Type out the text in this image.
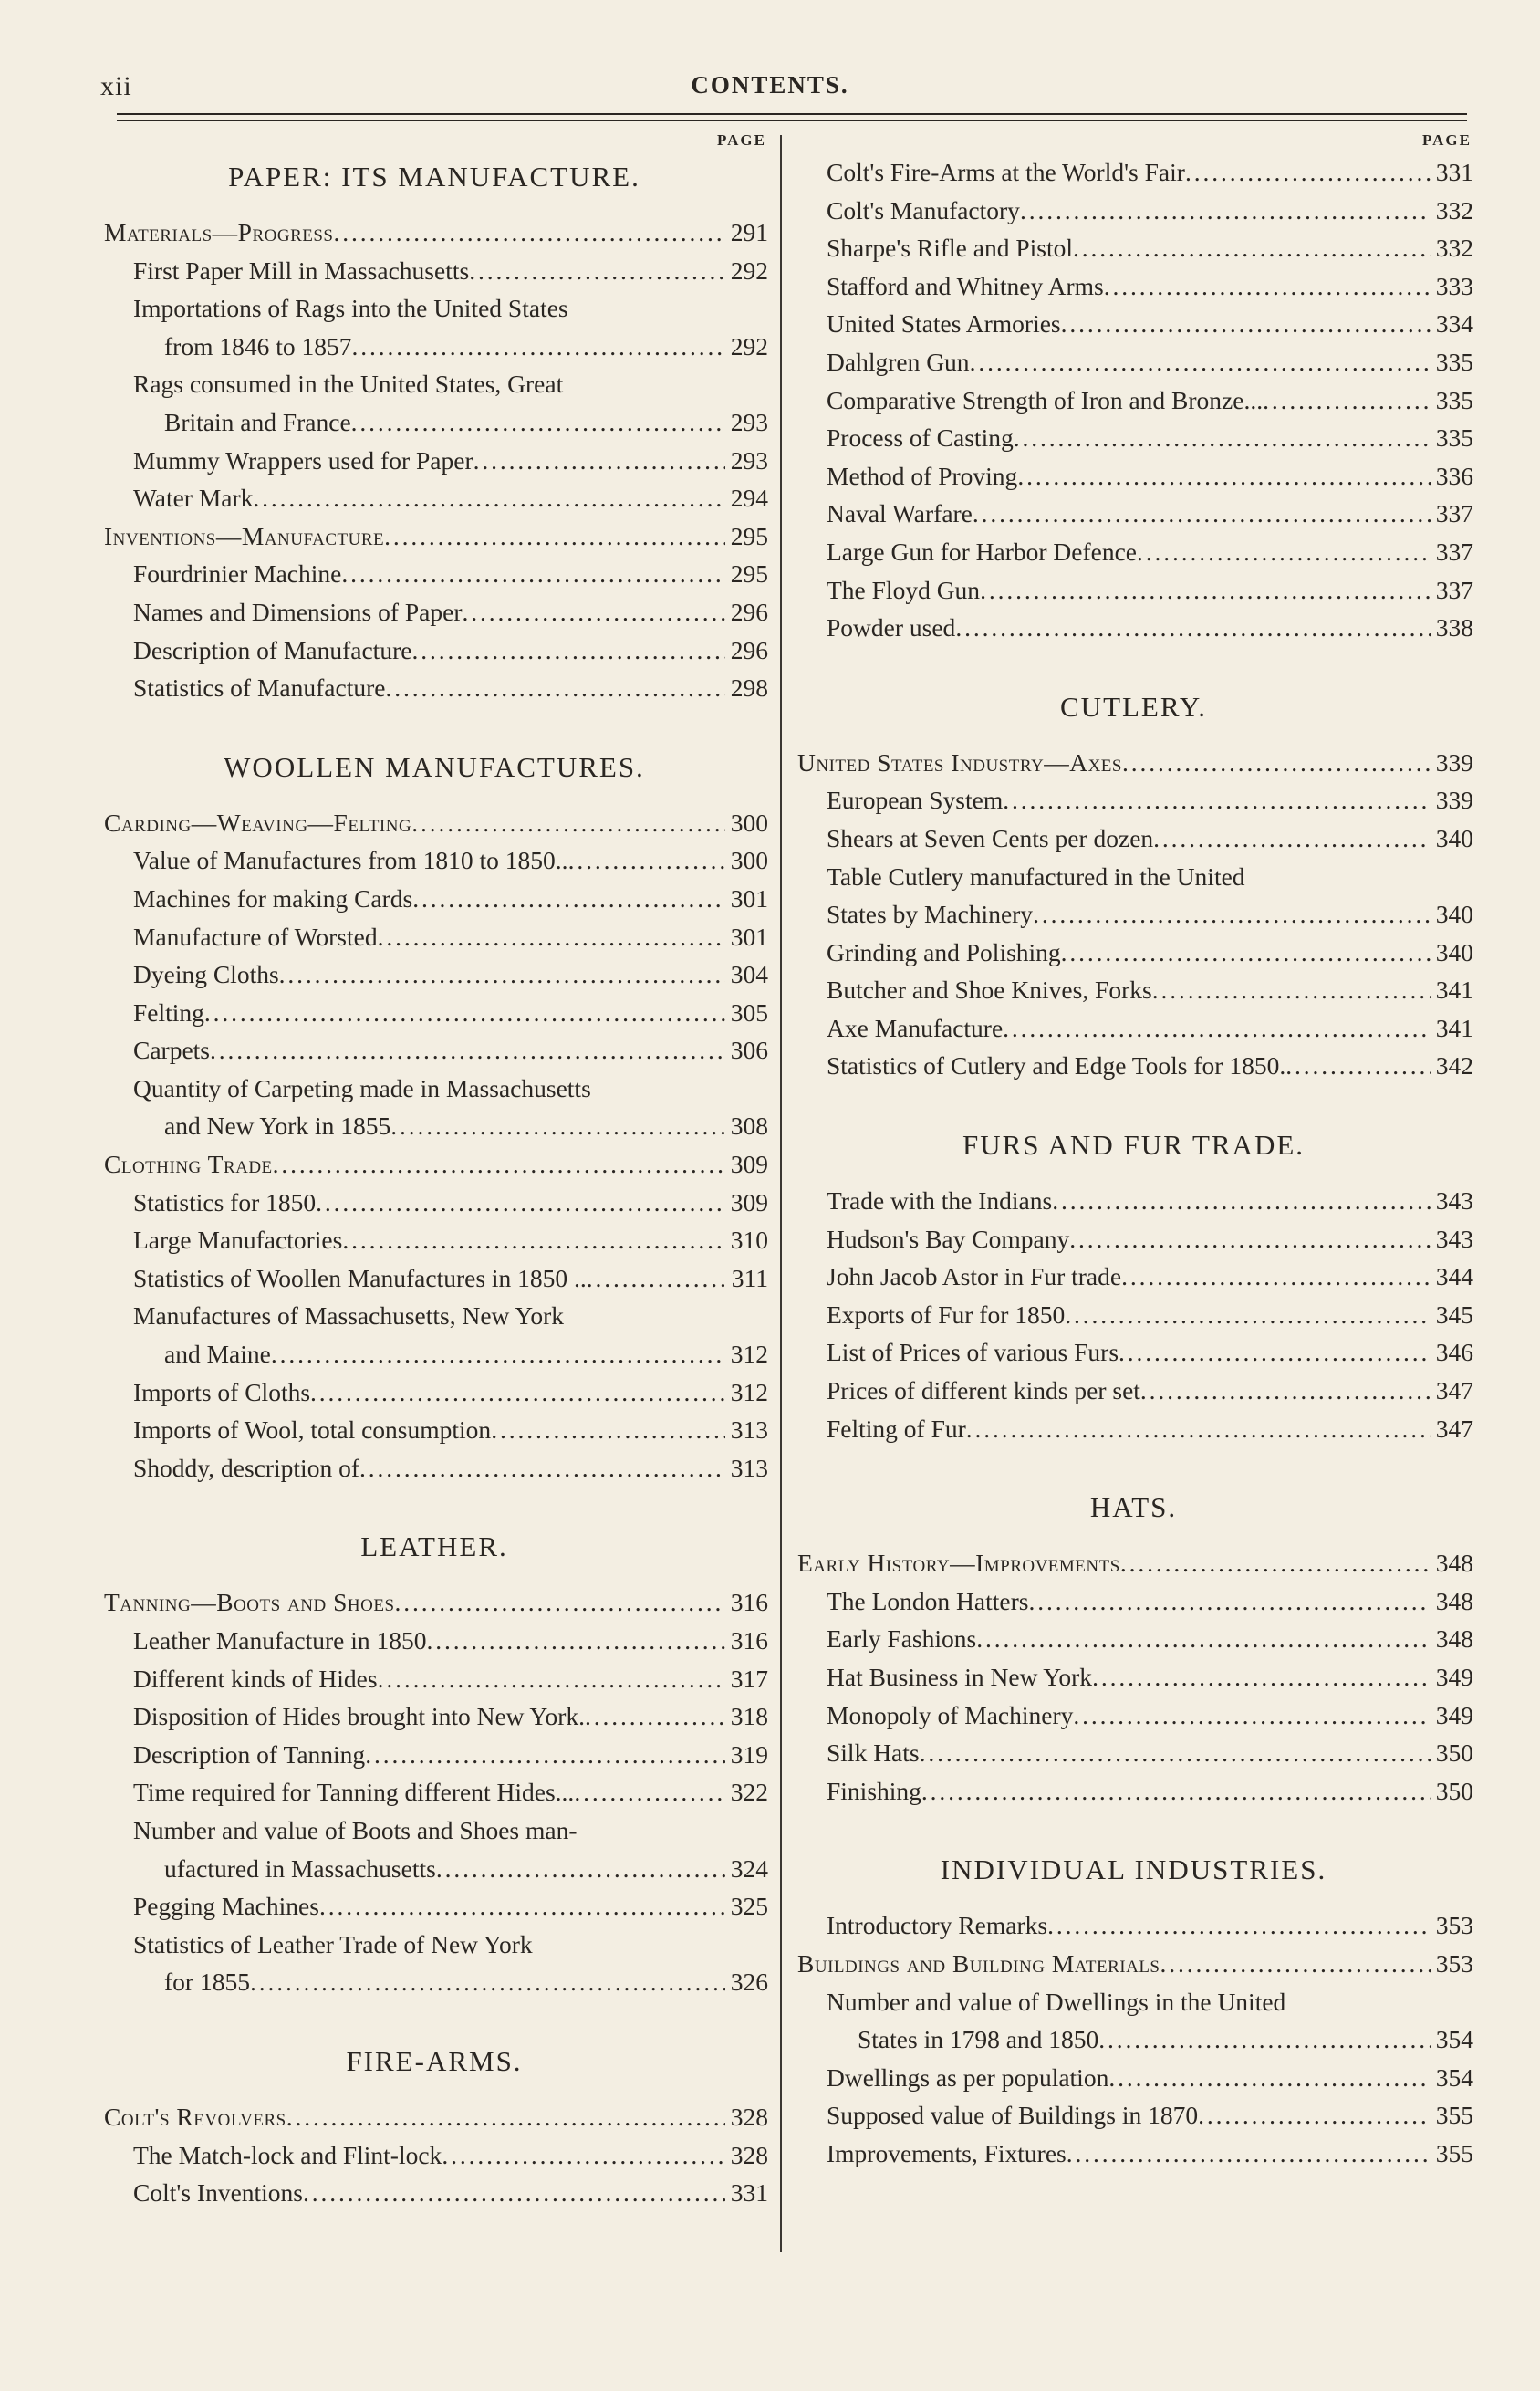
xii	CONTENTS.
PAGE
PAPER: ITS MANUFACTURE.
Materials—Progress . . .	291
First Paper Mill in Massachusetts . . .	292
Importations of Rags into the United States
from 1846 to 1857 . . .	292
Rags consumed in the United States, Great
Britain and France . . .	293
Mummy Wrappers used for Paper . . .	293
Water Mark . . .	294
Inventions—Manufacture . . .	295
Fourdrinier Machine . . .	295
Names and Dimensions of Paper . . .	296
Description of Manufacture . . .	296
Statistics of Manufacture . . .	298
WOOLLEN MANUFACTURES.
Carding—Weaving—Felting . . .	300
Value of Manufactures from 1810 to 1850.. . . .	300
Machines for making Cards . . .	301
Manufacture of Worsted . . .	301
Dyeing Cloths . . .	304
Felting . . .	305
Carpets . . .	306
Quantity of Carpeting made in Massachusetts
and New York in 1855 . . .	308
Clothing Trade . . .	309
Statistics for 1850 . . .	309
Large Manufactories . . .	310
Statistics of Woollen Manufactures in 1850 .. . . .	311
Manufactures of Massachusetts, New York
and Maine . . .	312
Imports of Cloths . . .	312
Imports of Wool, total consumption . . .	313
Shoddy, description of . . .	313
LEATHER.
Tanning—Boots and Shoes . . .	316
Leather Manufacture in 1850 . . .	316
Different kinds of Hides . . .	317
Disposition of Hides brought into New York. . . .	318
Description of Tanning . . .	319
Time required for Tanning different Hides... . . .	322
Number and value of Boots and Shoes man-
ufactured in Massachusetts . . .	324
Pegging Machines . . .	325
Statistics of Leather Trade of New York
for 1855 . . .	326
FIRE-ARMS.
Colt's Revolvers . . .	328
The Match-lock and Flint-lock . . .	328
Colt's Inventions . . .	331
PAGE
Colt's Fire-Arms at the World's Fair . . .	331
Colt's Manufactory . . .	332
Sharpe's Rifle and Pistol . . .	332
Stafford and Whitney Arms . . .	333
United States Armories . . .	334
Dahlgren Gun . . .	335
Comparative Strength of Iron and Bronze... . . .	335
Process of Casting . . .	335
Method of Proving . . .	336
Naval Warfare . . .	337
Large Gun for Harbor Defence . . .	337
The Floyd Gun . . .	337
Powder used . . .	338
CUTLERY.
United States Industry—Axes . . .	339
European System . . .	339
Shears at Seven Cents per dozen . . .	340
Table Cutlery manufactured in the United
States by Machinery . . .	340
Grinding and Polishing . . .	340
Butcher and Shoe Knives, Forks . . .	341
Axe Manufacture . . .	341
Statistics of Cutlery and Edge Tools for 1850. . . .	342
FURS AND FUR TRADE.
Trade with the Indians . . .	343
Hudson's Bay Company . . .	343
John Jacob Astor in Fur trade . . .	344
Exports of Fur for 1850 . . .	345
List of Prices of various Furs . . .	346
Prices of different kinds per set . . .	347
Felting of Fur . . .	347
HATS.
Early History—Improvements . . .	348
The London Hatters . . .	348
Early Fashions . . .	348
Hat Business in New York . . .	349
Monopoly of Machinery . . .	349
Silk Hats . . .	350
Finishing . . .	350
INDIVIDUAL INDUSTRIES.
Introductory Remarks . . .	353
Buildings and Building Materials . . .	353
Number and value of Dwellings in the United
States in 1798 and 1850 . . .	354
Dwellings as per population . . .	354
Supposed value of Buildings in 1870 . . .	355
Improvements, Fixtures . . .	355
